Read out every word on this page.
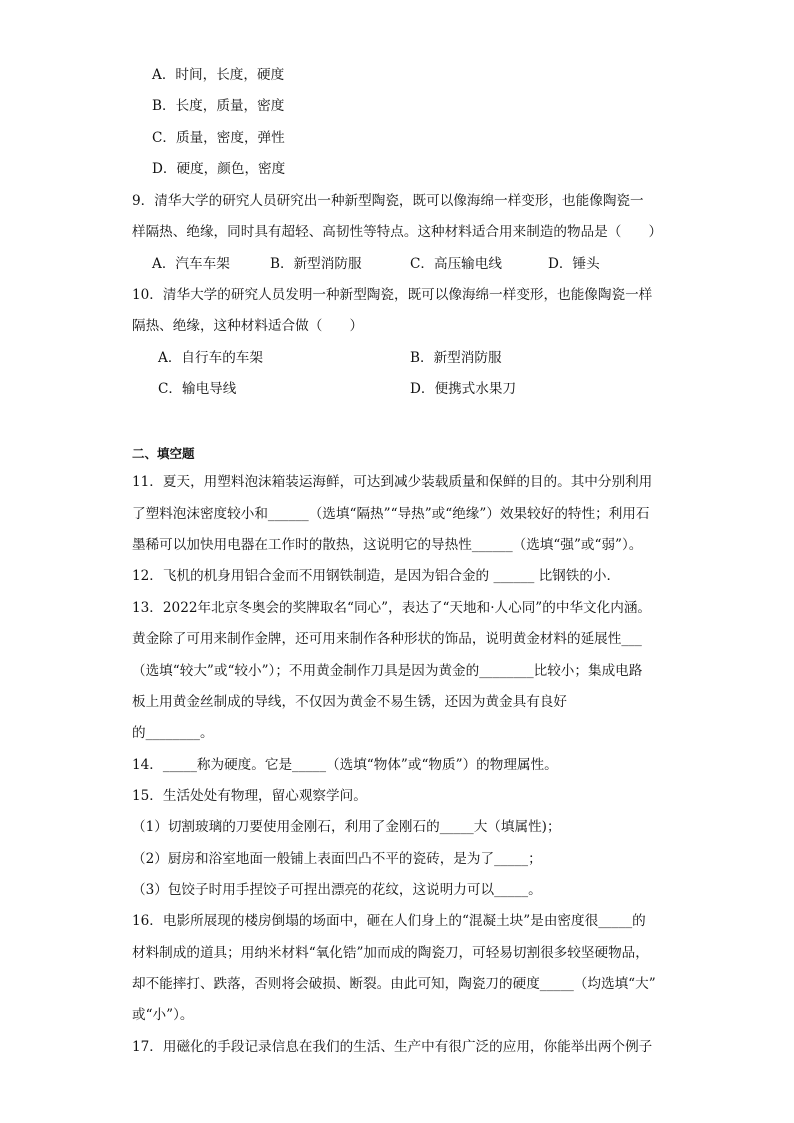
A．时间，长度，硬度
B．长度，质量，密度
C．质量，密度，弹性
D．硬度，颜色，密度
9．清华大学的研究人员研究出一种新型陶瓷，既可以像海绵一样变形，也能像陶瓷一
样隔热、绝缘，同时具有超轻、高韧性等特点。这种材料适合用来制造的物品是（　　）
A．汽车车架	B．新型消防服	C．高压输电线	D．锤头
10．清华大学的研究人员发明一种新型陶瓷，既可以像海绵一样变形，也能像陶瓷一样
隔热、绝缘，这种材料适合做（　　）
A．自行车的车架	B．新型消防服
C．输电导线	D．便携式水果刀
二、填空题
11．夏天，用塑料泡沫箱装运海鲜，可达到减少装载质量和保鲜的目的。其中分别利用
了塑料泡沫密度较小和______（选填“隔热”“导热”或“绝缘”）效果较好的特性；利用石
墨稀可以加快用电器在工作时的散热，这说明它的导热性______（选填“强”或“弱”）。
12．飞机的机身用铝合金而不用钢铁制造，是因为铝合金的 ______ 比钢铁的小．
13．2022年北京冬奥会的奖牌取名“同心”，表达了“天地和·人心同”的中华文化内涵。
黄金除了可用来制作金牌，还可用来制作各种形状的饰品，说明黄金材料的延展性___
（选填“较大”或“较小”）；不用黄金制作刀具是因为黄金的________比较小；集成电路
板上用黄金丝制成的导线，不仅因为黄金不易生锈，还因为黄金具有良好
的________。
14．_____称为硬度。它是_____（选填“物体”或“物质”）的物理属性。
15．生活处处有物理，留心观察学问。
（1）切割玻璃的刀要使用金刚石，利用了金刚石的_____大（填属性)；
（2）厨房和浴室地面一般铺上表面凹凸不平的瓷砖，是为了_____；
（3）包饺子时用手捏饺子可捏出漂亮的花纹，这说明力可以_____。
16．电影所展现的楼房倒塌的场面中，砸在人们身上的“混凝土块”是由密度很_____的
材料制成的道具；用纳米材料“氧化锆”加而成的陶瓷刀，可轻易切割很多较坚硬物品，
却不能摔打、跌落，否则将会破损、断裂。由此可知，陶瓷刀的硬度_____（均选填“大”
或“小”）。
17．用磁化的手段记录信息在我们的生活、生产中有很广泛的应用，你能举出两个例子
